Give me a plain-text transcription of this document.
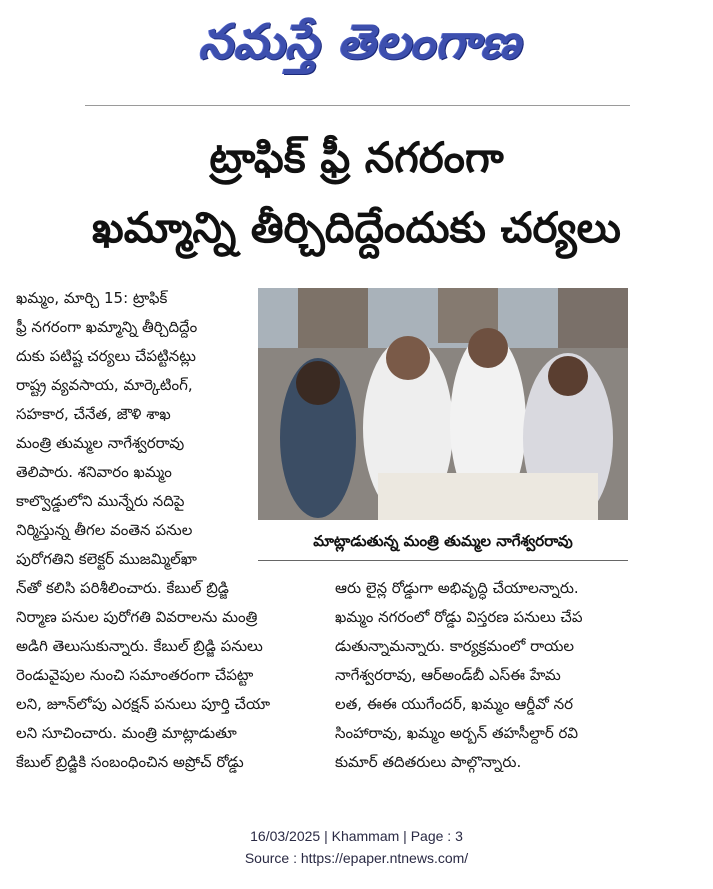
నమస్తే తెలంగాణ
ట్రాఫిక్ ఫ్రీ నగరంగా
ఖమ్మాన్ని తీర్చిదిద్దేందుకు చర్యలు
ఖమ్మం, మార్చి 15: ట్రాఫిక్
ఫ్రీ నగరంగా ఖమ్మాన్ని తీర్చిదిద్దేం
దుకు పటిష్ట చర్యలు చేపట్టినట్లు
రాష్ట్ర వ్యవసాయ, మార్కెటింగ్,
సహకార, చేనేత, జౌళి శాఖ
మంత్రి తుమ్మల నాగేశ్వరరావు
తెలిపారు. శనివారం ఖమ్మం
కాల్వొడ్డులోని మున్నేరు నదిపై
నిర్మిస్తున్న తీగల వంతెన పనుల
పురోగతిని కలెక్టర్ ముజమ్మిల్‌ఖా
మాట్లాడుతున్న మంత్రి తుమ్మల నాగేశ్వరరావు
న్‌తో కలిసి పరిశీలించారు. కేబుల్ బ్రిడ్జి
నిర్మాణ పనుల పురోగతి వివరాలను మంత్రి
అడిగి తెలుసుకున్నారు. కేబుల్ బ్రిడ్జి పనులు
రెండువైపుల నుంచి సమాంతరంగా చేపట్టా
లని, జూన్‌లోపు ఎరక్షన్ పనులు పూర్తి చేయా
లని సూచించారు. మంత్రి మాట్లాడుతూ
కేబుల్ బ్రిడ్జికి సంబంధించిన అప్రోచ్ రోడ్డు
ఆరు లైన్ల రోడ్డుగా అభివృద్ధి చేయాలన్నారు.
ఖమ్మం నగరంలో రోడ్డు విస్తరణ పనులు చేప
డుతున్నామన్నారు. కార్యక్రమంలో రాయల
నాగేశ్వరరావు, ఆర్‌అండ్‌బీ ఎస్‌ఈ హేమ
లత, ఈఈ యుగేందర్, ఖమ్మం ఆర్డీవో నర
సింహారావు, ఖమ్మం అర్బన్ తహసీల్దార్ రవి
కుమార్ తదితరులు పాల్గొన్నారు.
16/03/2025 | Khammam | Page : 3
Source : https://epaper.ntnews.com/
